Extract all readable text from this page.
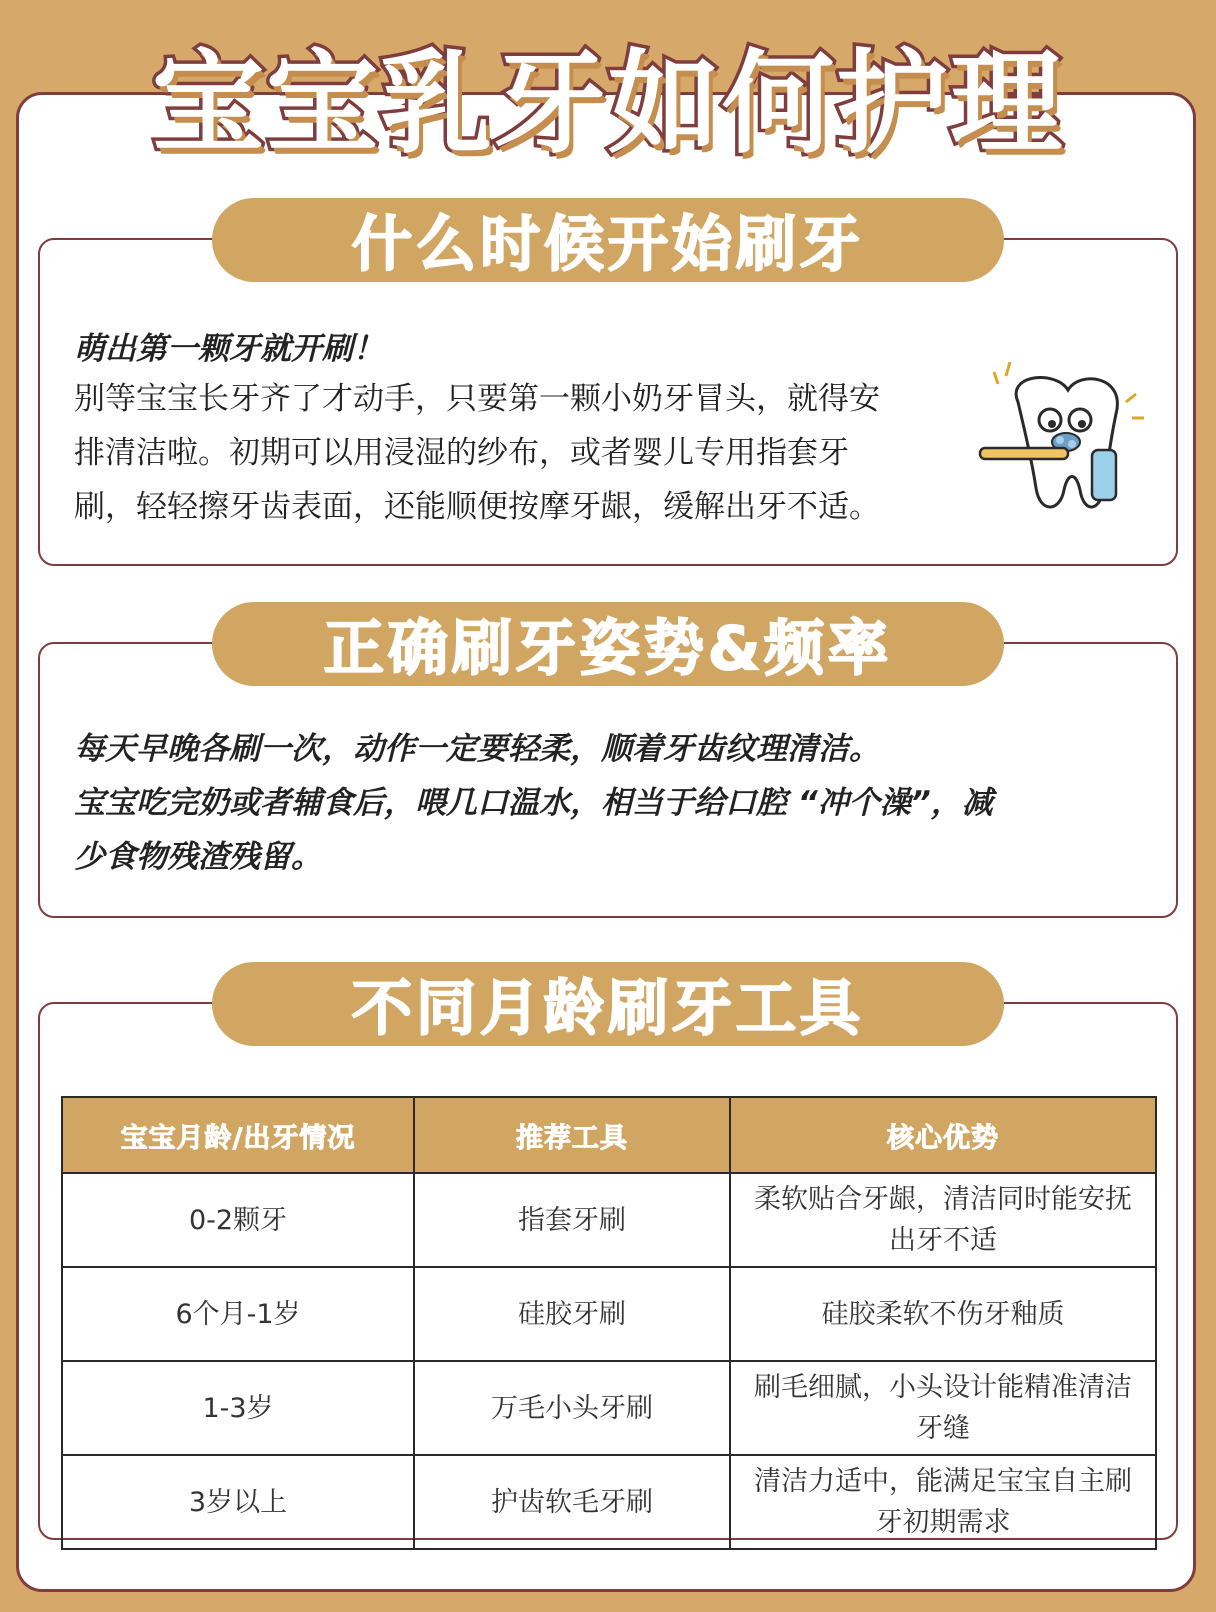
宝宝乳牙如何护理
什么时候开始刷牙
萌出第一颗牙就开刷！
别等宝宝长牙齐了才动手，只要第一颗小奶牙冒头，就得安
排清洁啦。初期可以用浸湿的纱布，或者婴儿专用指套牙
刷，轻轻擦牙齿表面，还能顺便按摩牙龈，缓解出牙不适。
正确刷牙姿势&频率
每天早晚各刷一次，动作一定要轻柔，顺着牙齿纹理清洁。
宝宝吃完奶或者辅食后，喂几口温水，相当于给口腔 “冲个澡”，减
少食物残渣残留。
不同月龄刷牙工具
宝宝月龄/出牙情况	推荐工具	核心优势
0-2颗牙	指套牙刷	柔软贴合牙龈，清洁同时能安抚出牙不适
6个月-1岁	硅胶牙刷	硅胶柔软不伤牙釉质
1-3岁	万毛小头牙刷	刷毛细腻，小头设计能精准清洁牙缝
3岁以上	护齿软毛牙刷	清洁力适中，能满足宝宝自主刷牙初期需求
